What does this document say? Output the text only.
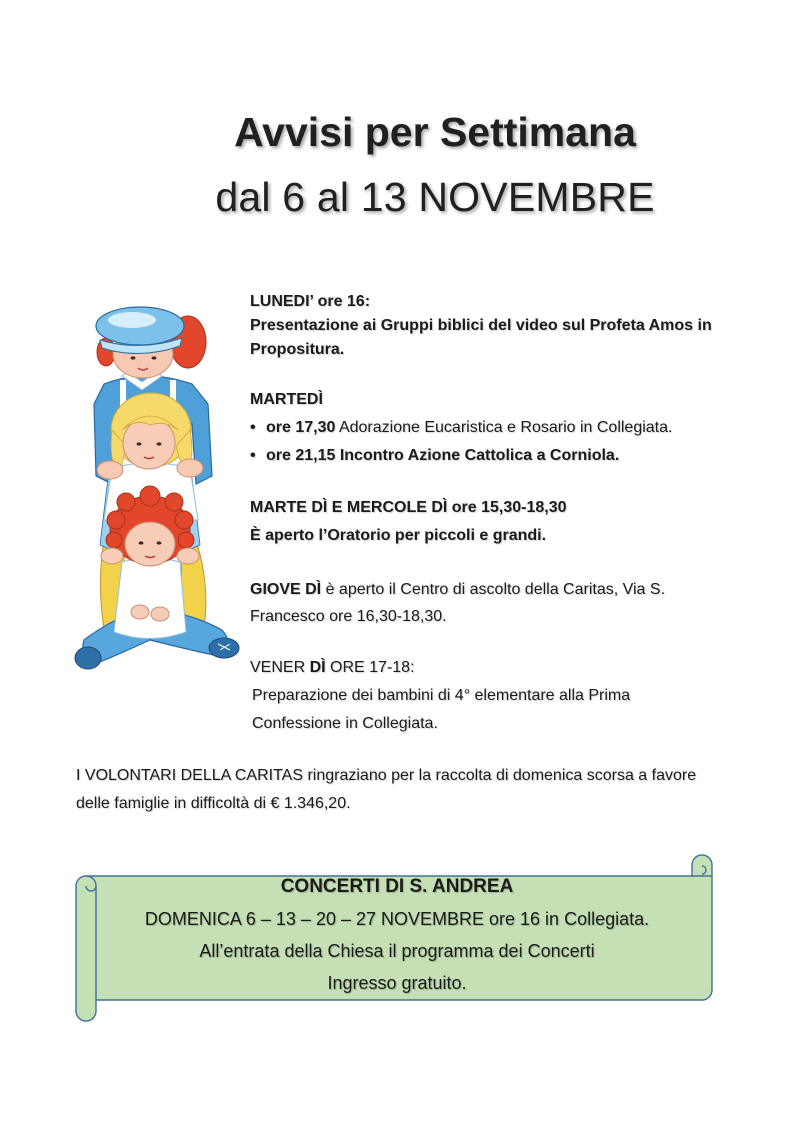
Avvisi per Settimana
dal 6 al 13 NOVEMBRE
LUNEDI’ ore 16:
Presentazione ai Gruppi biblici del video sul Profeta Amos in
Propositura.
MARTEDÌ
• ore 17,30 Adorazione Eucaristica e Rosario in Collegiata.
• ore 21,15 Incontro Azione Cattolica a Corniola.
MARTE DÌ E MERCOLE DÌ ore 15,30-18,30
È aperto l’Oratorio per piccoli e grandi.
GIOVE DÌ è aperto il Centro di ascolto della Caritas, Via S.
Francesco ore 16,30-18,30.
VENER DÌ ORE 17-18:
Preparazione dei bambini di 4° elementare alla Prima
Confessione in Collegiata.
I VOLONTARI DELLA CARITAS ringraziano per la raccolta di domenica scorsa a favore
delle famiglie in difficoltà di € 1.346,20.
CONCERTI DI S. ANDREA
DOMENICA 6 – 13 – 20 – 27 NOVEMBRE ore 16 in Collegiata.
All’entrata della Chiesa il programma dei Concerti
Ingresso gratuito.
